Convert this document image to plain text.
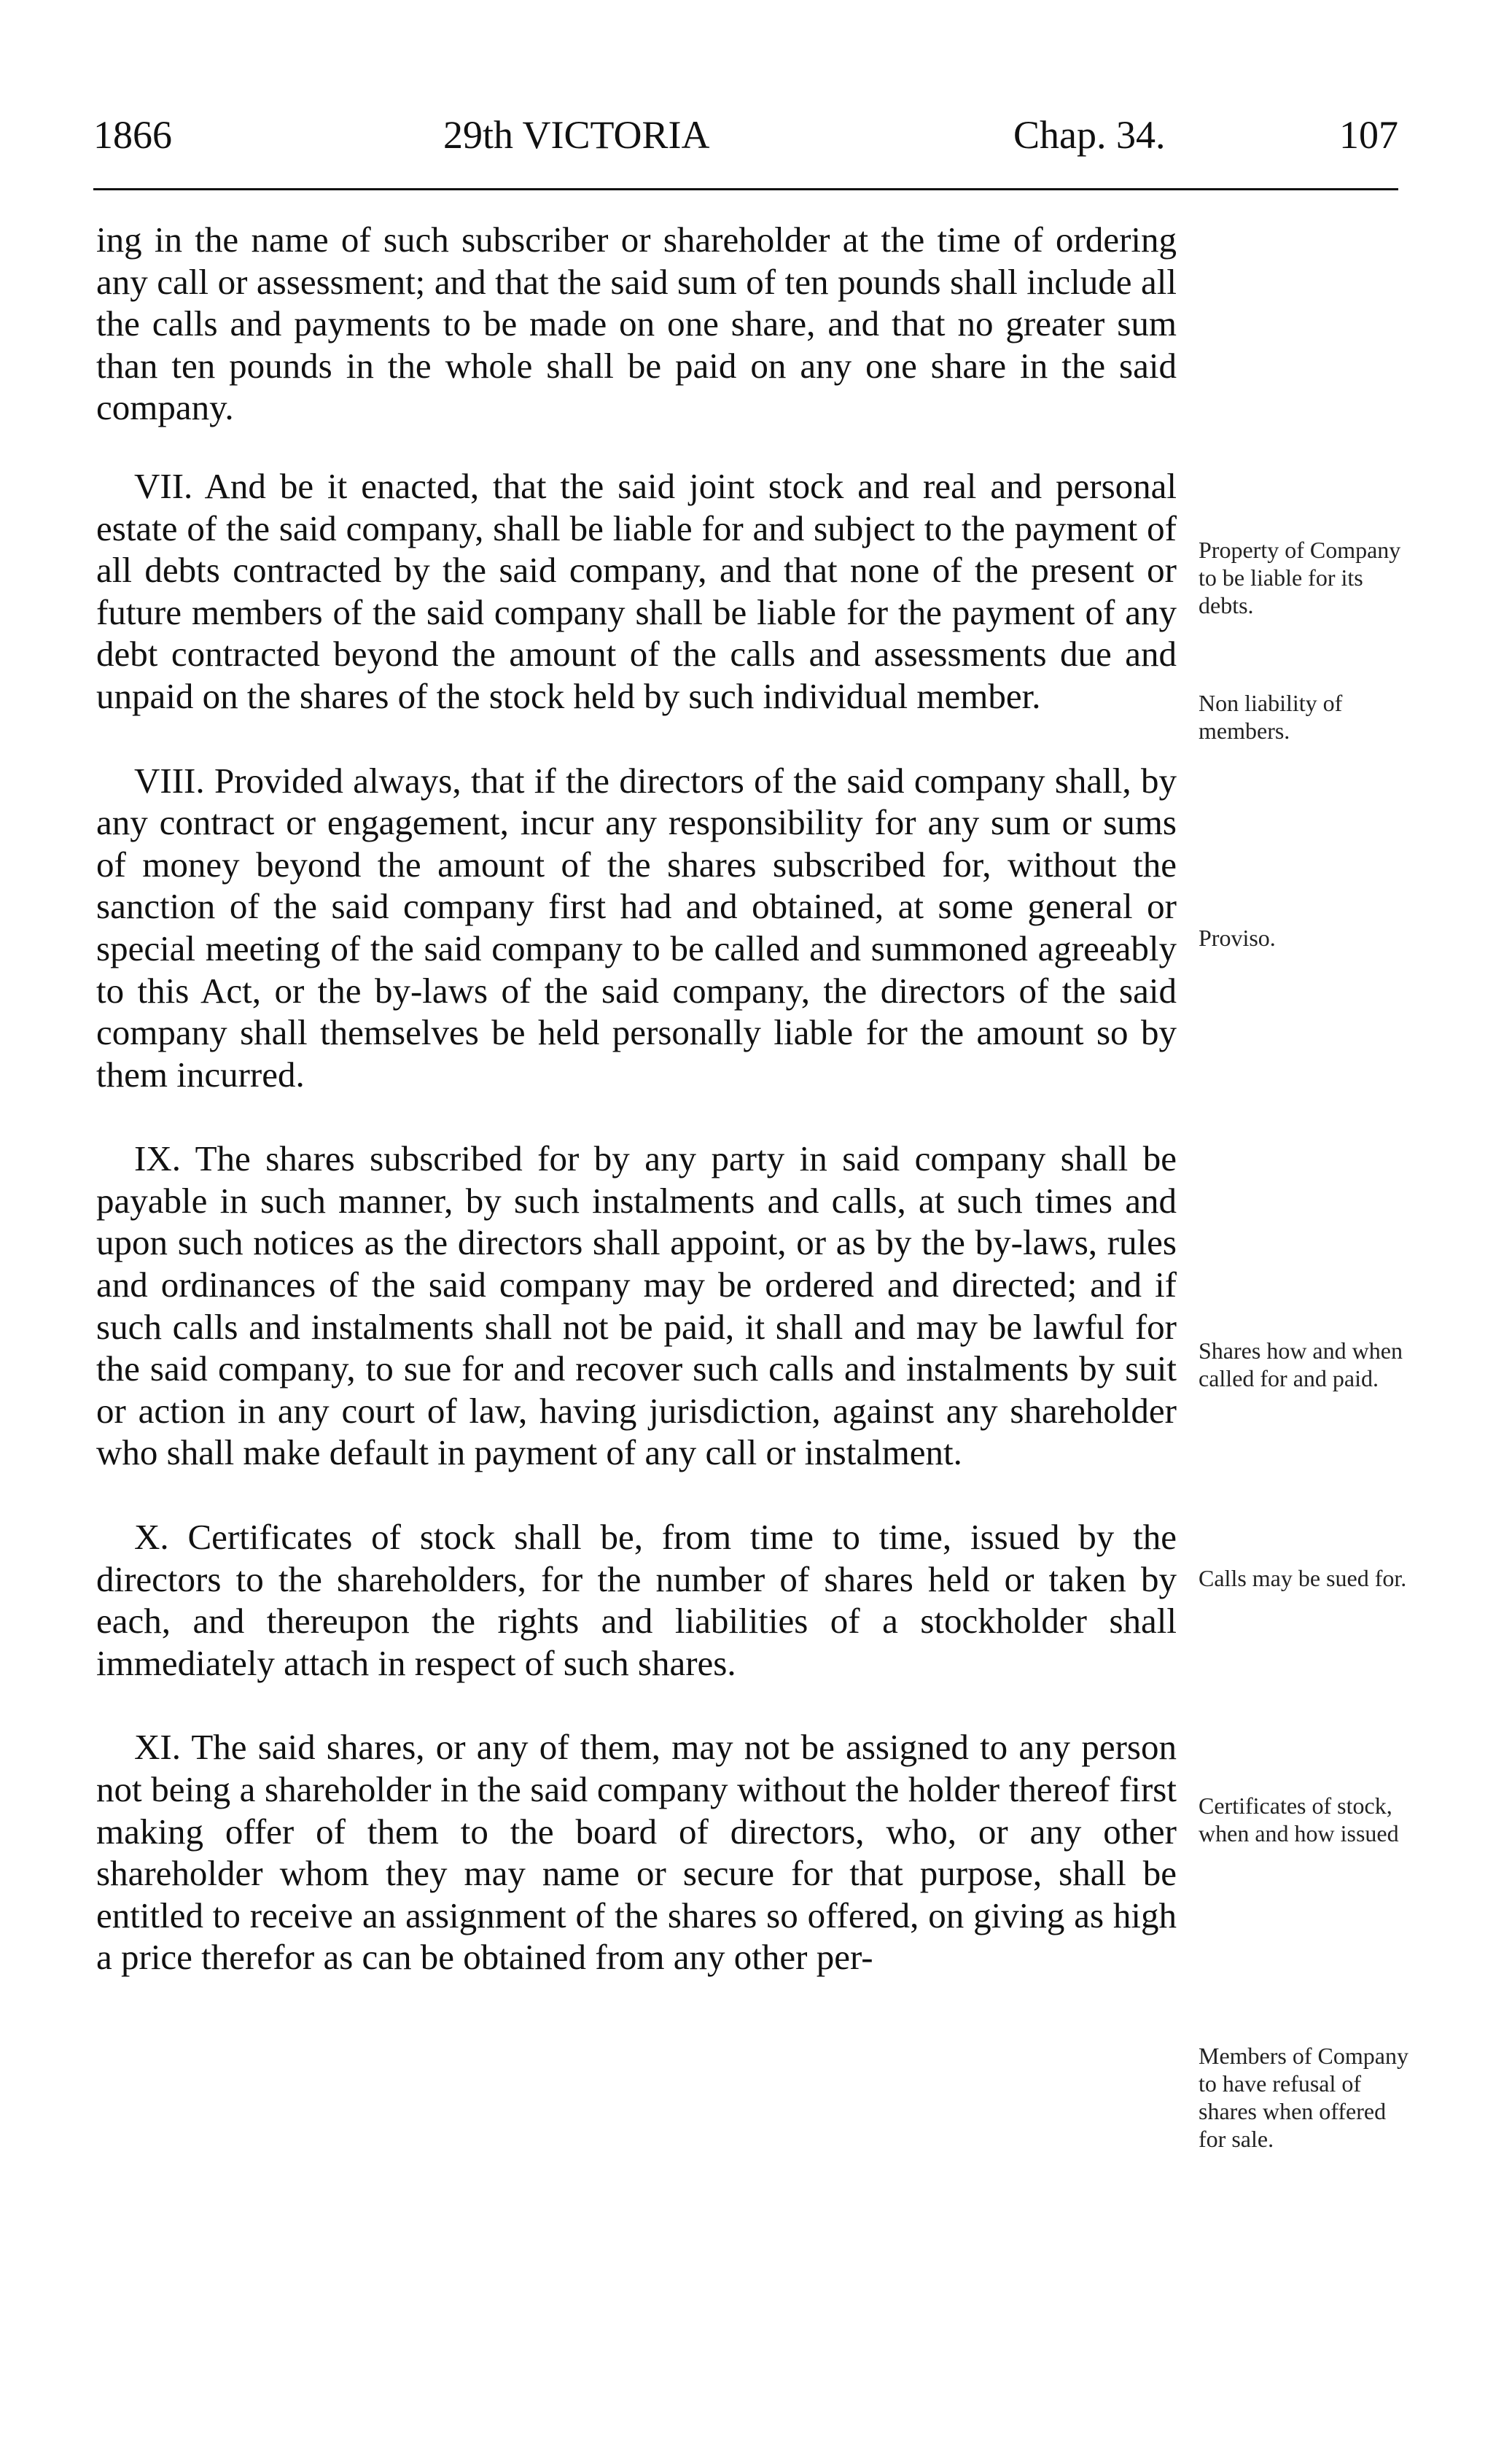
1866	29th VICTORIA	Chap. 34.	107

ing in the name of such subscriber or shareholder at the time of ordering any call or assessment; and that the said sum of ten pounds shall include all the calls and payments to be made on one share, and that no greater sum than ten pounds in the whole shall be paid on any one share in the said company.

VII. And be it enacted, that the said joint stock and real and personal estate of the said company, shall be liable for and subject to the payment of all debts contracted by the said company, and that none of the present or future members of the said company shall be liable for the payment of any debt contracted beyond the amount of the calls and assessments due and unpaid on the shares of the stock held by such individual member.

VIII. Provided always, that if the directors of the said company shall, by any contract or engagement, incur any responsibility for any sum or sums of money beyond the amount of the shares subscribed for, without the sanction of the said company first had and obtained, at some general or special meeting of the said company to be called and summoned agreeably to this Act, or the by-laws of the said company, the directors of the said company shall themselves be held personally liable for the amount so by them incurred.

IX. The shares subscribed for by any party in said company shall be payable in such manner, by such instalments and calls, at such times and upon such notices as the directors shall appoint, or as by the by-laws, rules and ordinances of the said company may be ordered and directed; and if such calls and instalments shall not be paid, it shall and may be lawful for the said company, to sue for and recover such calls and instalments by suit or action in any court of law, having jurisdiction, against any shareholder who shall make default in payment of any call or instalment.

X. Certificates of stock shall be, from time to time, issued by the directors to the shareholders, for the number of shares held or taken by each, and thereupon the rights and liabilities of a stockholder shall immediately attach in respect of such shares.

XI. The said shares, or any of them, may not be assigned to any person not being a shareholder in the said company without the holder thereof first making offer of them to the board of directors, who, or any other shareholder whom they may name or secure for that purpose, shall be entitled to receive an assignment of the shares so offered, on giving as high a price therefor as can be obtained from any other per-

Property of Company to be liable for its debts.
Non liability of members.
Proviso.
Shares how and when called for and paid.
Calls may be sued for.
Certificates of stock, when and how issued
Members of Company to have refusal of shares when offered for sale.
